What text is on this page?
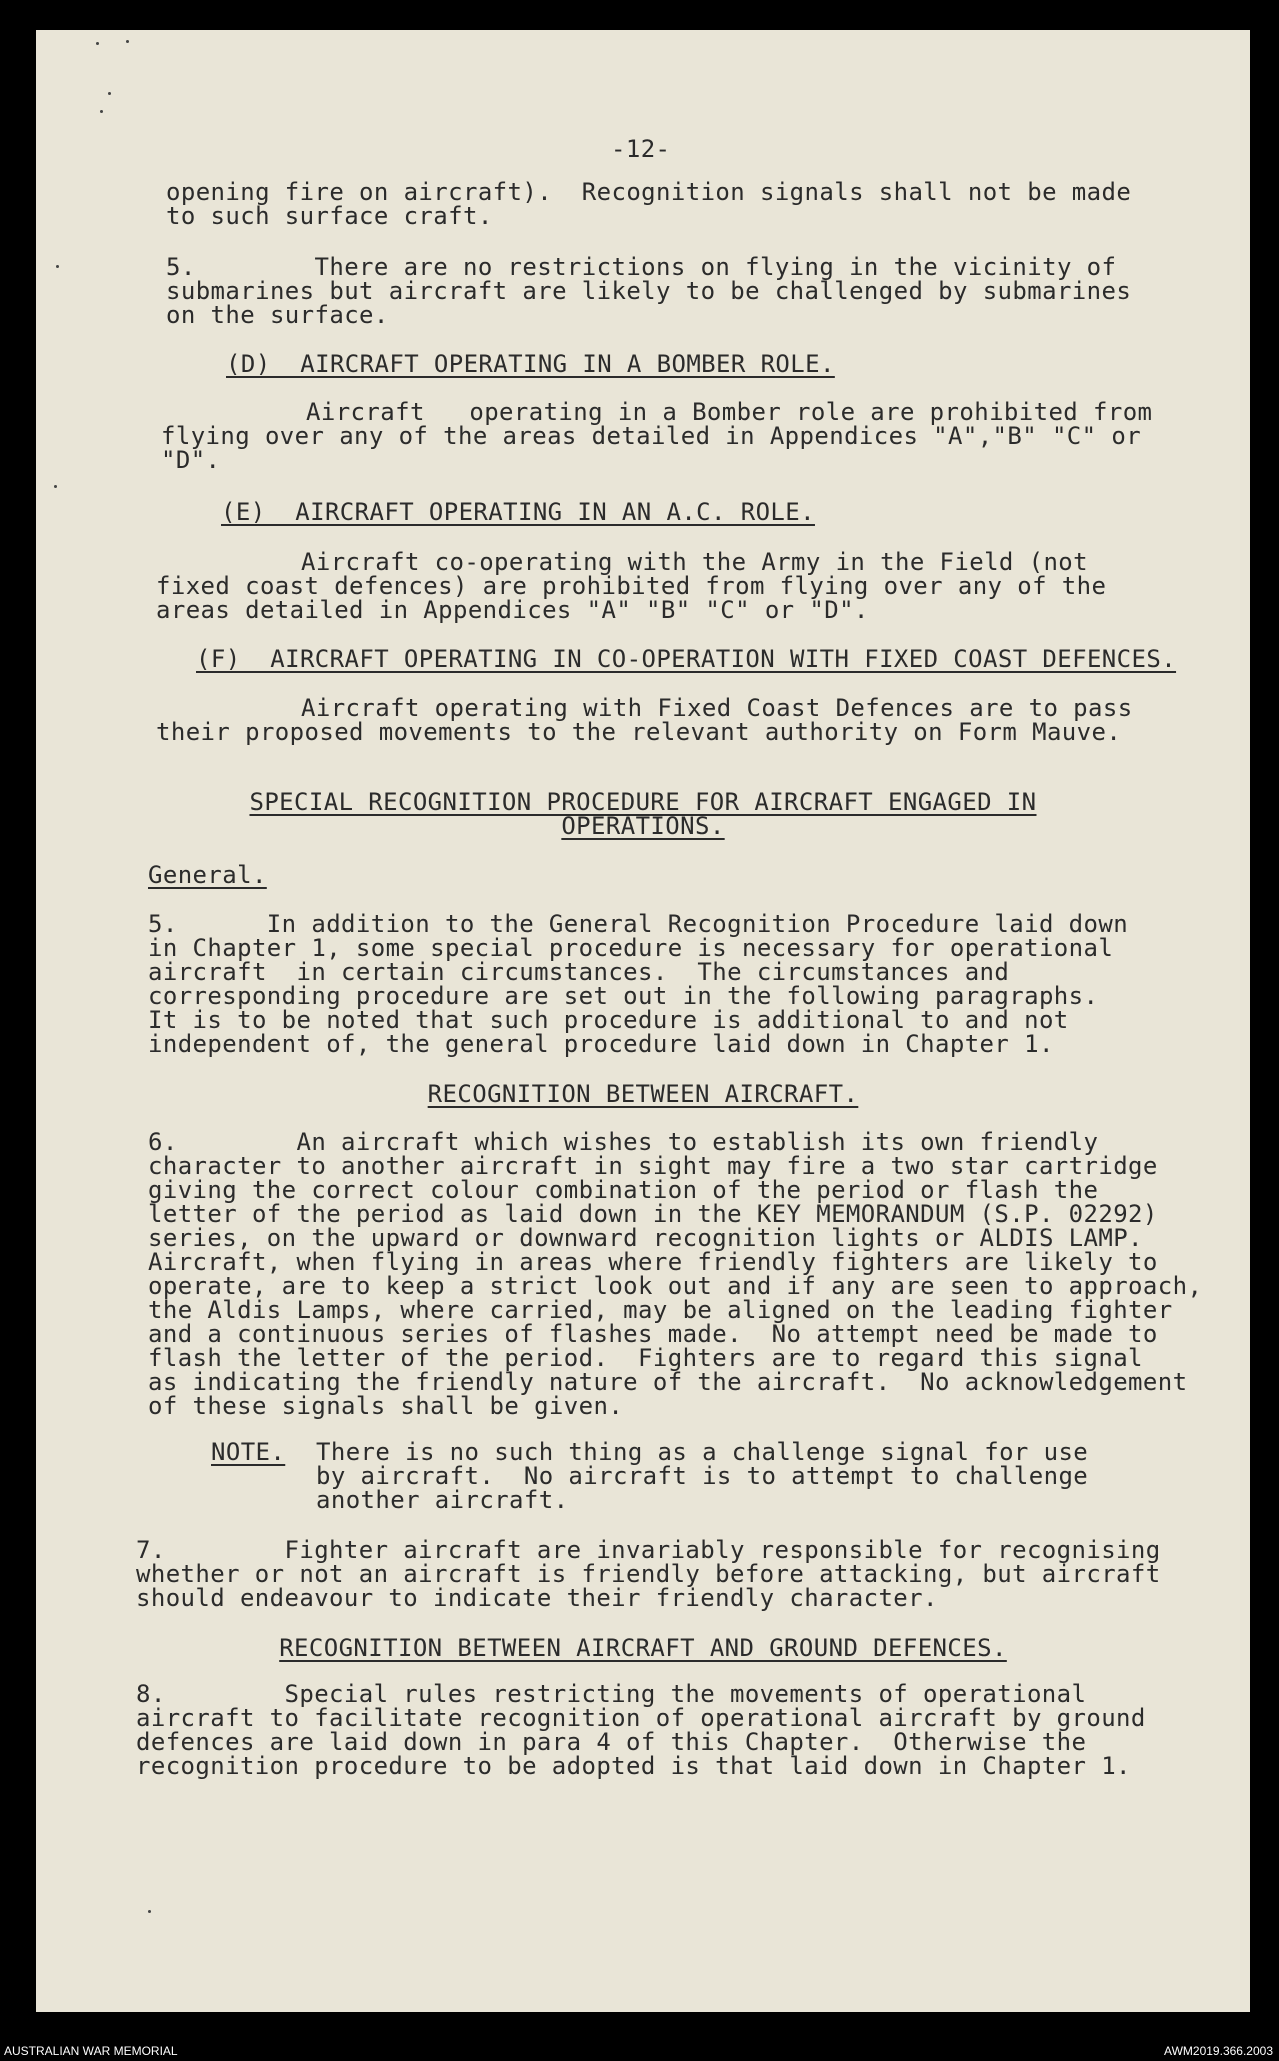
-12-
opening fire on aircraft).  Recognition signals shall not be made
to such surface craft.
5.        There are no restrictions on flying in the vicinity of
submarines but aircraft are likely to be challenged by submarines
on the surface.
(D)  AIRCRAFT OPERATING IN A BOMBER ROLE.
Aircraft   operating in a Bomber role are prohibited from
flying over any of the areas detailed in Appendices "A","B" "C" or
"D".
(E)  AIRCRAFT OPERATING IN AN A.C. ROLE.
Aircraft co-operating with the Army in the Field (not
fixed coast defences) are prohibited from flying over any of the
areas detailed in Appendices "A" "B" "C" or "D".
(F)  AIRCRAFT OPERATING IN CO-OPERATION WITH FIXED COAST DEFENCES.
Aircraft operating with Fixed Coast Defences are to pass
their proposed movements to the relevant authority on Form Mauve.
SPECIAL RECOGNITION PROCEDURE FOR AIRCRAFT ENGAGED IN
OPERATIONS.
General.
5.      In addition to the General Recognition Procedure laid down
in Chapter 1, some special procedure is necessary for operational
aircraft  in certain circumstances.  The circumstances and
corresponding procedure are set out in the following paragraphs.
It is to be noted that such procedure is additional to and not
independent of, the general procedure laid down in Chapter 1.
RECOGNITION BETWEEN AIRCRAFT.
6.        An aircraft which wishes to establish its own friendly
character to another aircraft in sight may fire a two star cartridge
giving the correct colour combination of the period or flash the
letter of the period as laid down in the KEY MEMORANDUM (S.P. 02292)
series, on the upward or downward recognition lights or ALDIS LAMP.
Aircraft, when flying in areas where friendly fighters are likely to
operate, are to keep a strict look out and if any are seen to approach,
the Aldis Lamps, where carried, may be aligned on the leading fighter
and a continuous series of flashes made.  No attempt need be made to
flash the letter of the period.  Fighters are to regard this signal
as indicating the friendly nature of the aircraft.  No acknowledgement
of these signals shall be given.
NOTE. There is no such thing as a challenge signal for use
by aircraft.  No aircraft is to attempt to challenge
another aircraft.
7.        Fighter aircraft are invariably responsible for recognising
whether or not an aircraft is friendly before attacking, but aircraft
should endeavour to indicate their friendly character.
RECOGNITION BETWEEN AIRCRAFT AND GROUND DEFENCES.
8.        Special rules restricting the movements of operational
aircraft to facilitate recognition of operational aircraft by ground
defences are laid down in para 4 of this Chapter.  Otherwise the
recognition procedure to be adopted is that laid down in Chapter 1.
AUSTRALIAN WAR MEMORIAL	AWM2019.366.2003
